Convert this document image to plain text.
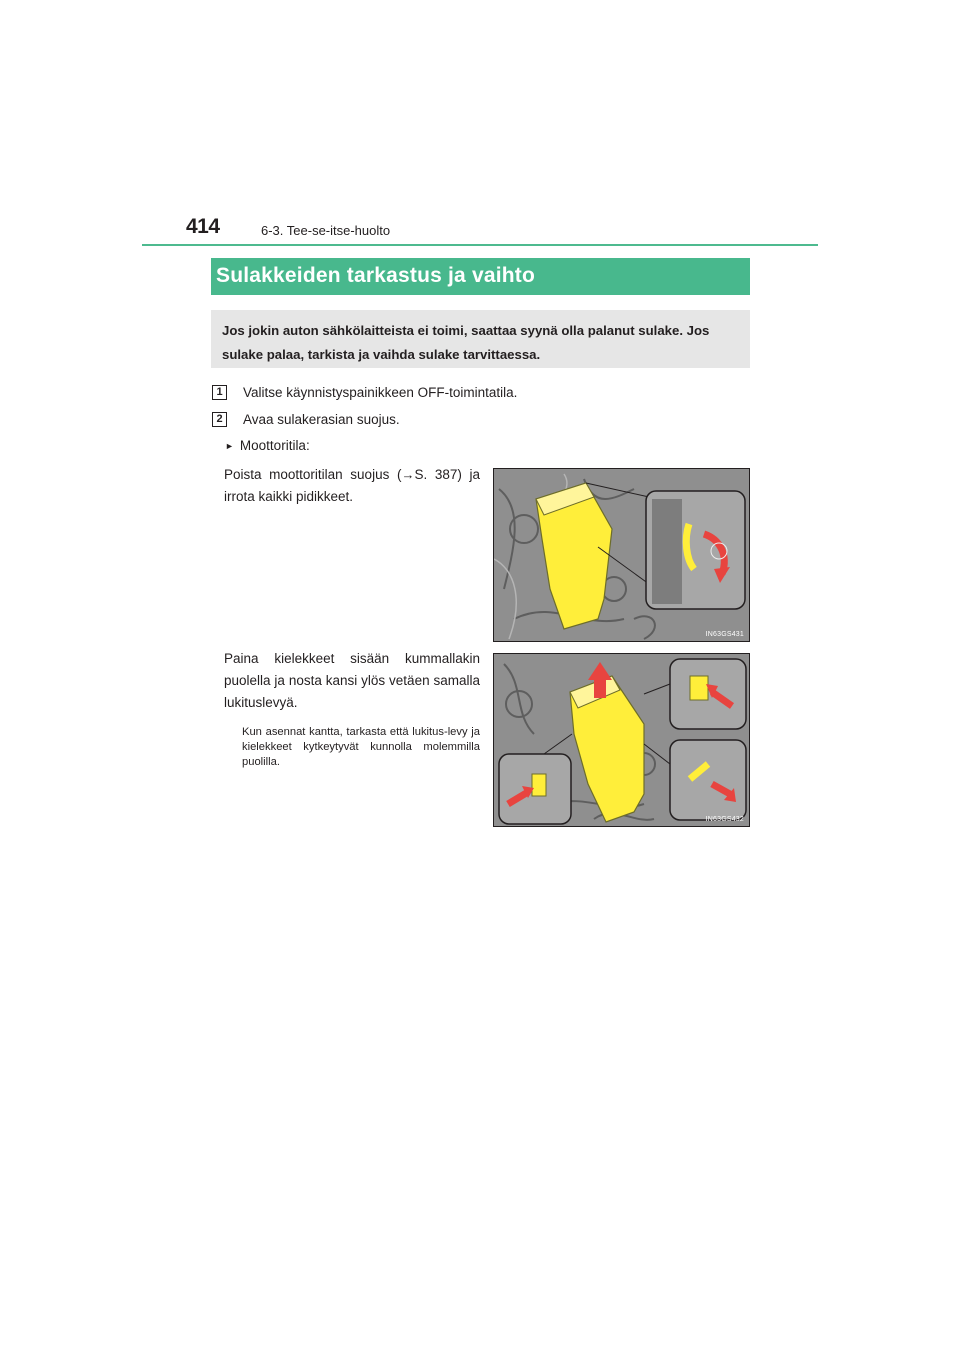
414	6-3. Tee-se-itse-huolto
Sulakkeiden tarkastus ja vaihto
Jos jokin auton sähkölaitteista ei toimi, saattaa syynä olla palanut sulake. Jos sulake palaa, tarkista ja vaihda sulake tarvittaessa.
1	Valitse käynnistyspainikkeen OFF-toimintatila.
2	Avaa sulakerasian suojus.
► Moottoritila:
Poista moottoritilan suojus (→S. 387) ja irrota kaikki pidikkeet.
Paina kielekkeet sisään kummallakin puolella ja nosta kansi ylös vetäen samalla lukituslevyä.
Kun asennat kantta, tarkasta että lukitus-levy ja kielekkeet kytkeytyvät kunnolla molemmilla puolilla.
IN63GS431
IN63GS432
